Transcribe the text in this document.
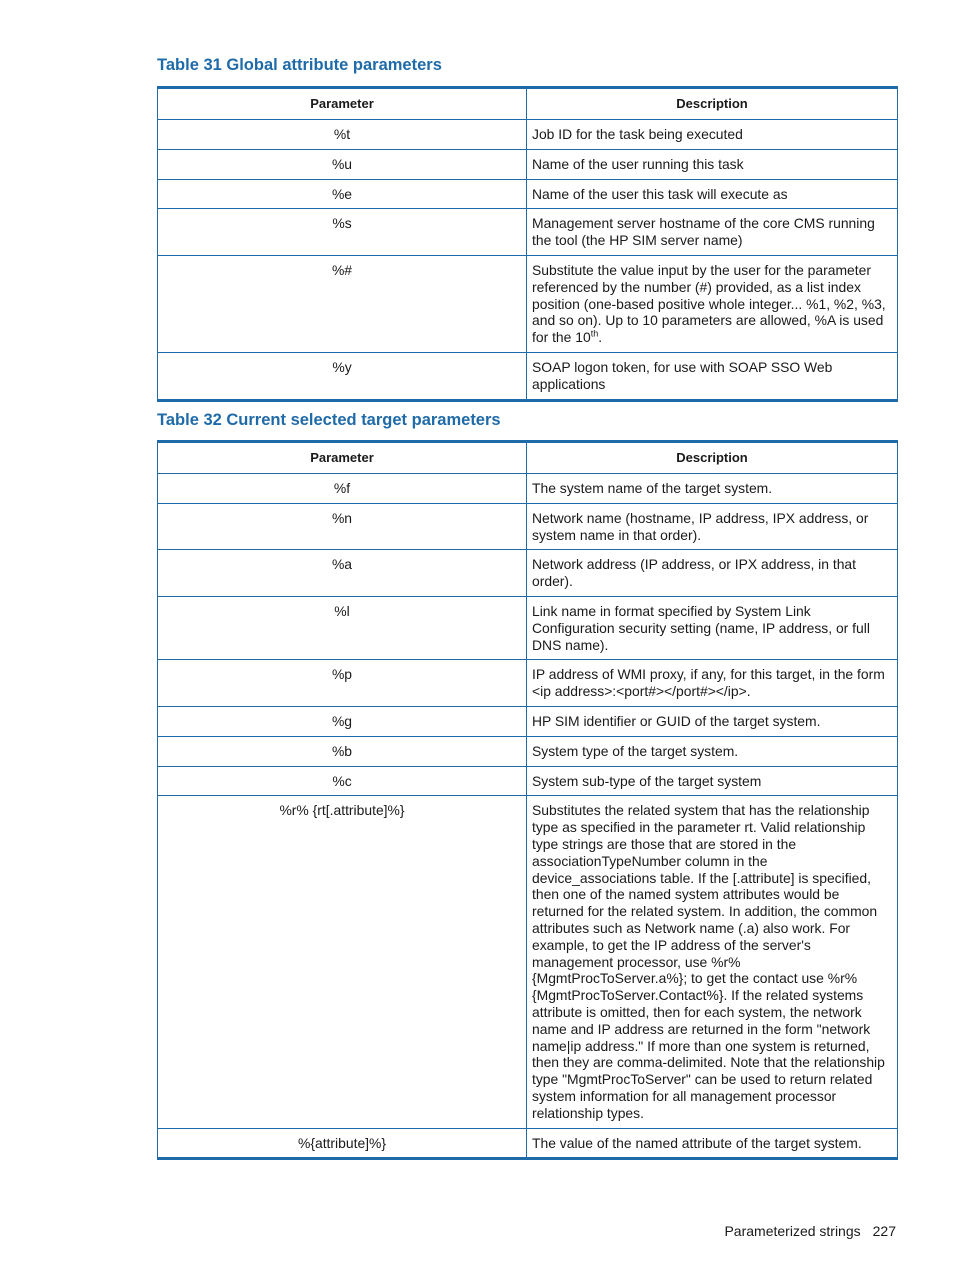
Table 31 Global attribute parameters
Parameter	Description
%t	Job ID for the task being executed
%u	Name of the user running this task
%e	Name of the user this task will execute as
%s	Management server hostname of the core CMS running the tool (the HP SIM server name)
%#	Substitute the value input by the user for the parameter referenced by the number (#) provided, as a list index position (one-based positive whole integer... %1, %2, %3, and so on). Up to 10 parameters are allowed, %A is used for the 10th.
%y	SOAP logon token, for use with SOAP SSO Web applications
Table 32 Current selected target parameters
Parameter	Description
%f	The system name of the target system.
%n	Network name (hostname, IP address, IPX address, or system name in that order).
%a	Network address (IP address, or IPX address, in that order).
%l	Link name in format specified by System Link Configuration security setting (name, IP address, or full DNS name).
%p	IP address of WMI proxy, if any, for this target, in the form <ip address>:<port#></port#></ip>.
%g	HP SIM identifier or GUID of the target system.
%b	System type of the target system.
%c	System sub-type of the target system
%r% {rt[.attribute]%}	Substitutes the related system that has the relationship type as specified in the parameter rt. Valid relationship type strings are those that are stored in the associationTypeNumber column in the device_associations table. If the [.attribute] is specified, then one of the named system attributes would be returned for the related system. In addition, the common attributes such as Network name (.a) also work. For example, to get the IP address of the server's management processor, use %r%{MgmtProcToServer.a%}; to get the contact use %r%{MgmtProcToServer.Contact%}. If the related systems attribute is omitted, then for each system, the network name and IP address are returned in the form "network name|ip address." If more than one system is returned, then they are comma-delimited. Note that the relationship type "MgmtProcToServer" can be used to return related system information for all management processor relationship types.
%{attribute]%}	The value of the named attribute of the target system.
Parameterized strings 227
